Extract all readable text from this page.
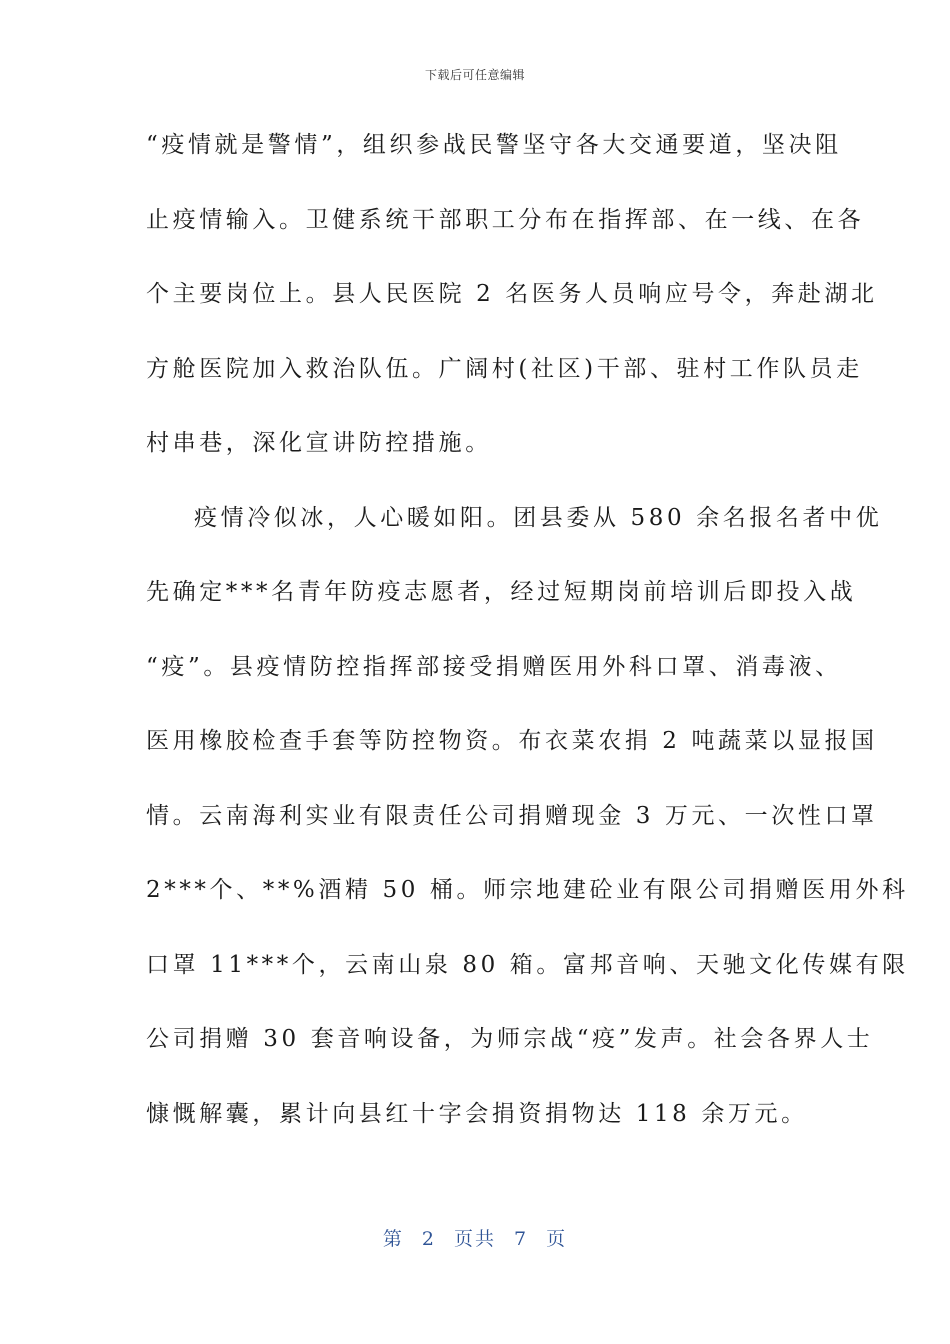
下载后可任意编辑
“疫情就是警情”，组织参战民警坚守各大交通要道，坚决阻
止疫情输入。卫健系统干部职工分布在指挥部、在一线、在各
个主要岗位上。县人民医院 2 名医务人员响应号令，奔赴湖北
方舱医院加入救治队伍。广阔村(社区)干部、驻村工作队员走
村串巷，深化宣讲防控措施。
疫情冷似冰，人心暖如阳。团县委从 580 余名报名者中优
先确定***名青年防疫志愿者，经过短期岗前培训后即投入战
“疫”。县疫情防控指挥部接受捐赠医用外科口罩、消毒液、
医用橡胶检查手套等防控物资。布衣菜农捐 2 吨蔬菜以显报国
情。云南海利实业有限责任公司捐赠现金 3 万元、一次性口罩
2***个、**%酒精 50 桶。师宗地建砼业有限公司捐赠医用外科
口罩 11***个，云南山泉 80 箱。富邦音响、天驰文化传媒有限
公司捐赠 30 套音响设备，为师宗战“疫”发声。社会各界人士
慷慨解囊，累计向县红十字会捐资捐物达 118 余万元。
第 2 页共 7 页
